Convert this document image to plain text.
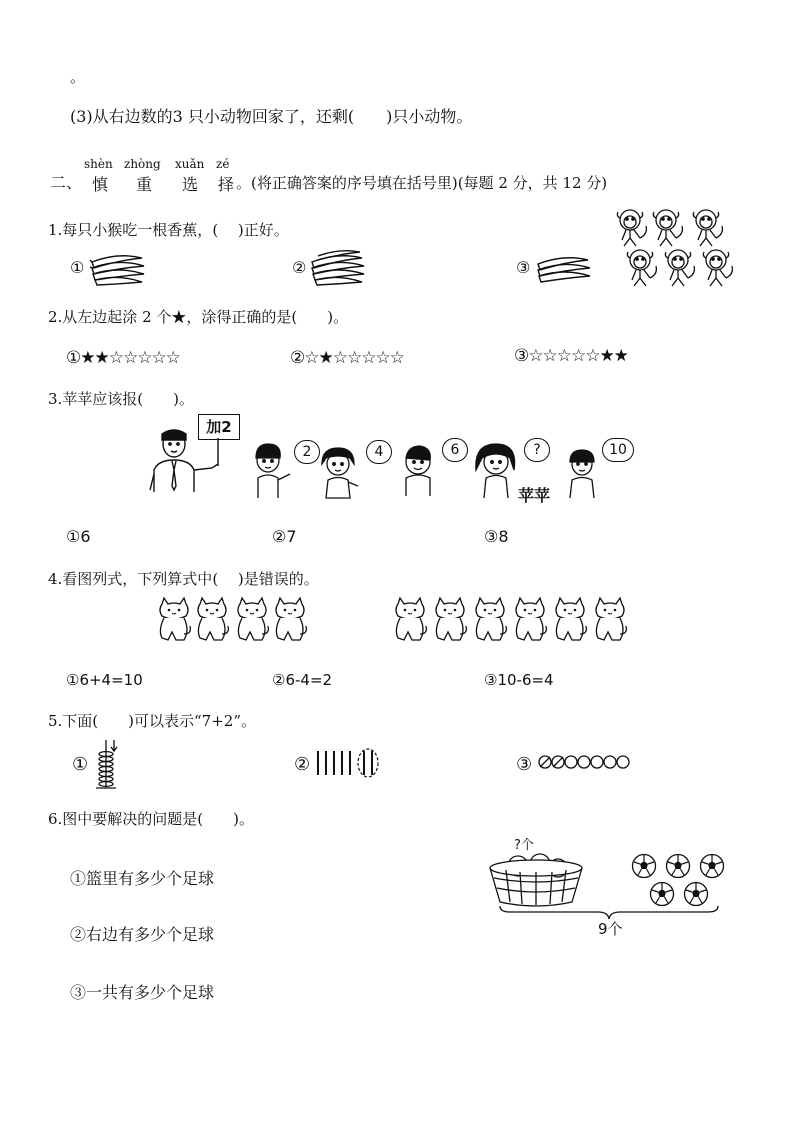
。
(3)从右边数的3 只小动物回家了，还剩(　　)只小动物。
二、
shèn zhòng xuǎn zé
慎 重 选 择 。(将正确答案的序号填在括号里)(每题 2 分，共 12 分)
1.每只小猴吃一根香蕉，(　 )正好。
①	②	③
2.从左边起涂 2 个★，涂得正确的是(　　)。
①★★☆☆☆☆☆	②☆★☆☆☆☆☆	③☆☆☆☆☆★★
3.苹苹应该报(　　)。
加2
2	4	6	?	10
苹苹
①6	②7	③8
4.看图列式，下列算式中(　 )是错误的。
①6+4=10	②6-4=2	③10-6=4
5.下面(　　)可以表示“7+2”。
①	②	③
6.图中要解决的问题是(　　)。
?个
9个
①篮里有多少个足球
②右边有多少个足球
③一共有多少个足球
